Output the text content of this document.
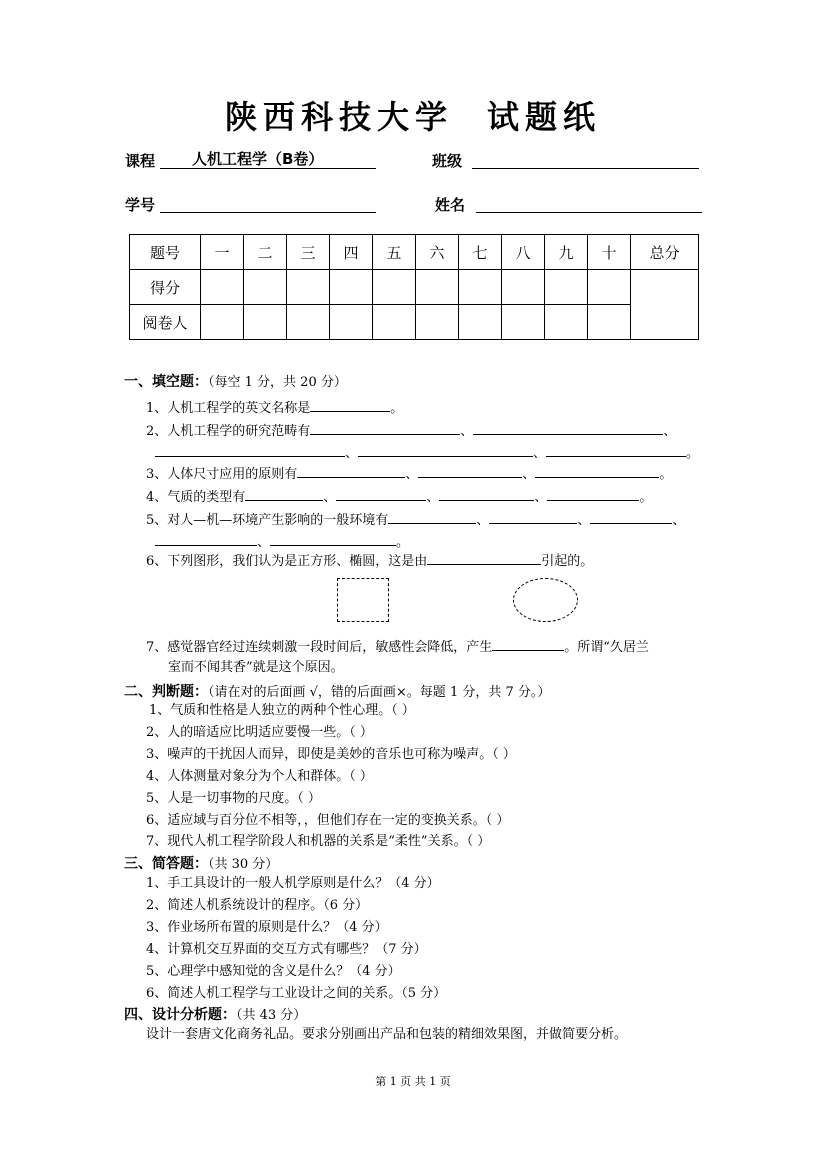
陕西科技大学 试题纸
课程	人机工程学（B卷）	班级
学号	姓名
题号	一	二	三	四	五	六	七	八	九	十	总分
得分											
阅卷人											
一、填空题：（每空 1 分，共 20 分）
1、人机工程学的英文名称是	。
2、人机工程学的研究范畴有	、	、
、	、	。
3、人体尺寸应用的原则有	、	、	。
4、气质的类型有	、	、	、	。
5、对人—机—环境产生影响的一般环境有	、	、	、
、	。
6、下列图形，我们认为是正方形、椭圆，这是由	引起的。
7、感觉器官经过连续刺激一段时间后，敏感性会降低，产生	。所谓“久居兰
室而不闻其香”就是这个原因。
二、判断题：（请在对的后面画 √，错的后面画×。每题 1 分，共 7 分。）
1、气质和性格是人独立的两种个性心理。（ ）
2、人的暗适应比明适应要慢一些。（ ）
3、噪声的干扰因人而异，即使是美妙的音乐也可称为噪声。（ ）
4、人体测量对象分为个人和群体。（ ）
5、人是一切事物的尺度。（ ）
6、适应域与百分位不相等，，但他们存在一定的变换关系。（ ）
7、现代人机工程学阶段人和机器的关系是“柔性”关系。（ ）
三、简答题：（共 30 分）
1、手工具设计的一般人机学原则是什么？（4 分）
2、简述人机系统设计的程序。（6 分）
3、作业场所布置的原则是什么？（4 分）
4、计算机交互界面的交互方式有哪些？（7 分）
5、心理学中感知觉的含义是什么？（4 分）
6、简述人机工程学与工业设计之间的关系。（5 分）
四、设计分析题：（共 43 分）
设计一套唐文化商务礼品。要求分别画出产品和包装的精细效果图，并做简要分析。
第 1 页 共 1 页
